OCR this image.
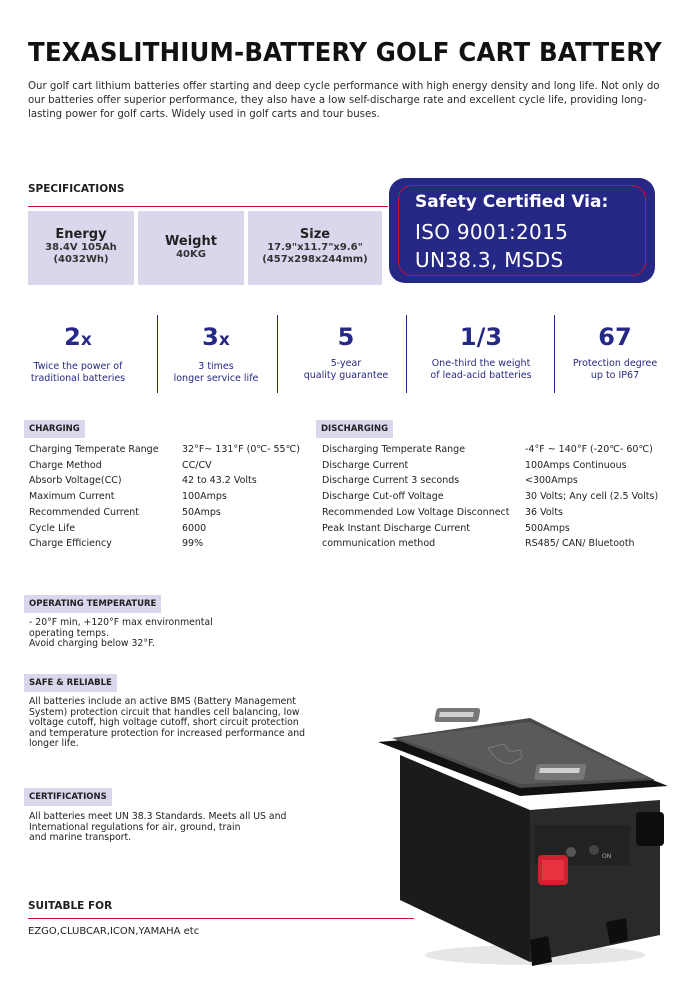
TEXASLITHIUM-BATTERY GOLF CART BATTERY
Our golf cart lithium batteries offer starting and deep cycle performance with high energy density and long life. Not only do our batteries offer superior performance, they also have a low self-discharge rate and excellent cycle life, providing long-lasting power for golf carts. Widely used in golf carts and tour buses.
SPECIFICATIONS
Energy
38.4V 105Ah
(4032Wh)
Weight
40KG
Size
17.9"x11.7"x9.6"
(457x298x244mm)
Safety Certified Via:
ISO 9001:2015
UN38.3, MSDS
2x
Twice the power of
traditional batteries
3x
3 times
longer service life
5
5-year
quality guarantee
1/3
One-third the weight
of lead-acid batteries
67
Protection degree
up to IP67
CHARGING
Charging Temperate Range
Charge Method
Absorb Voltage(CC)
Maximum Current
Recommended Current
Cycle Life
Charge Efficiency
32°F~ 131°F (0℃- 55℃)
CC/CV
42 to 43.2 Volts
100Amps
50Amps
6000
99%
DISCHARGING
Discharging Temperate Range
Discharge Current
Discharge Current 3 seconds
Discharge Cut-off Voltage
Recommended Low Voltage Disconnect
Peak Instant Discharge Current
communication method
-4°F ~ 140°F (-20℃- 60℃)
100Amps Continuous
<300Amps
30 Volts; Any cell (2.5 Volts)
36 Volts
500Amps
RS485/ CAN/ Bluetooth
OPERATING TEMPERATURE
- 20°F min, +120°F max environmental
operating temps.
Avoid charging below 32°F.
SAFE & RELIABLE
All batteries include an active BMS (Battery Management
System) protection circuit that handles cell balancing, low
voltage cutoff, high voltage cutoff, short circuit protection
and temperature protection for increased performance and
longer life.
CERTIFICATIONS
All batteries meet UN 38.3 Standards. Meets all US and
International regulations for air, ground, train
and marine transport.
SUITABLE FOR
EZGO,CLUBCAR,ICON,YAMAHA etc
ON
